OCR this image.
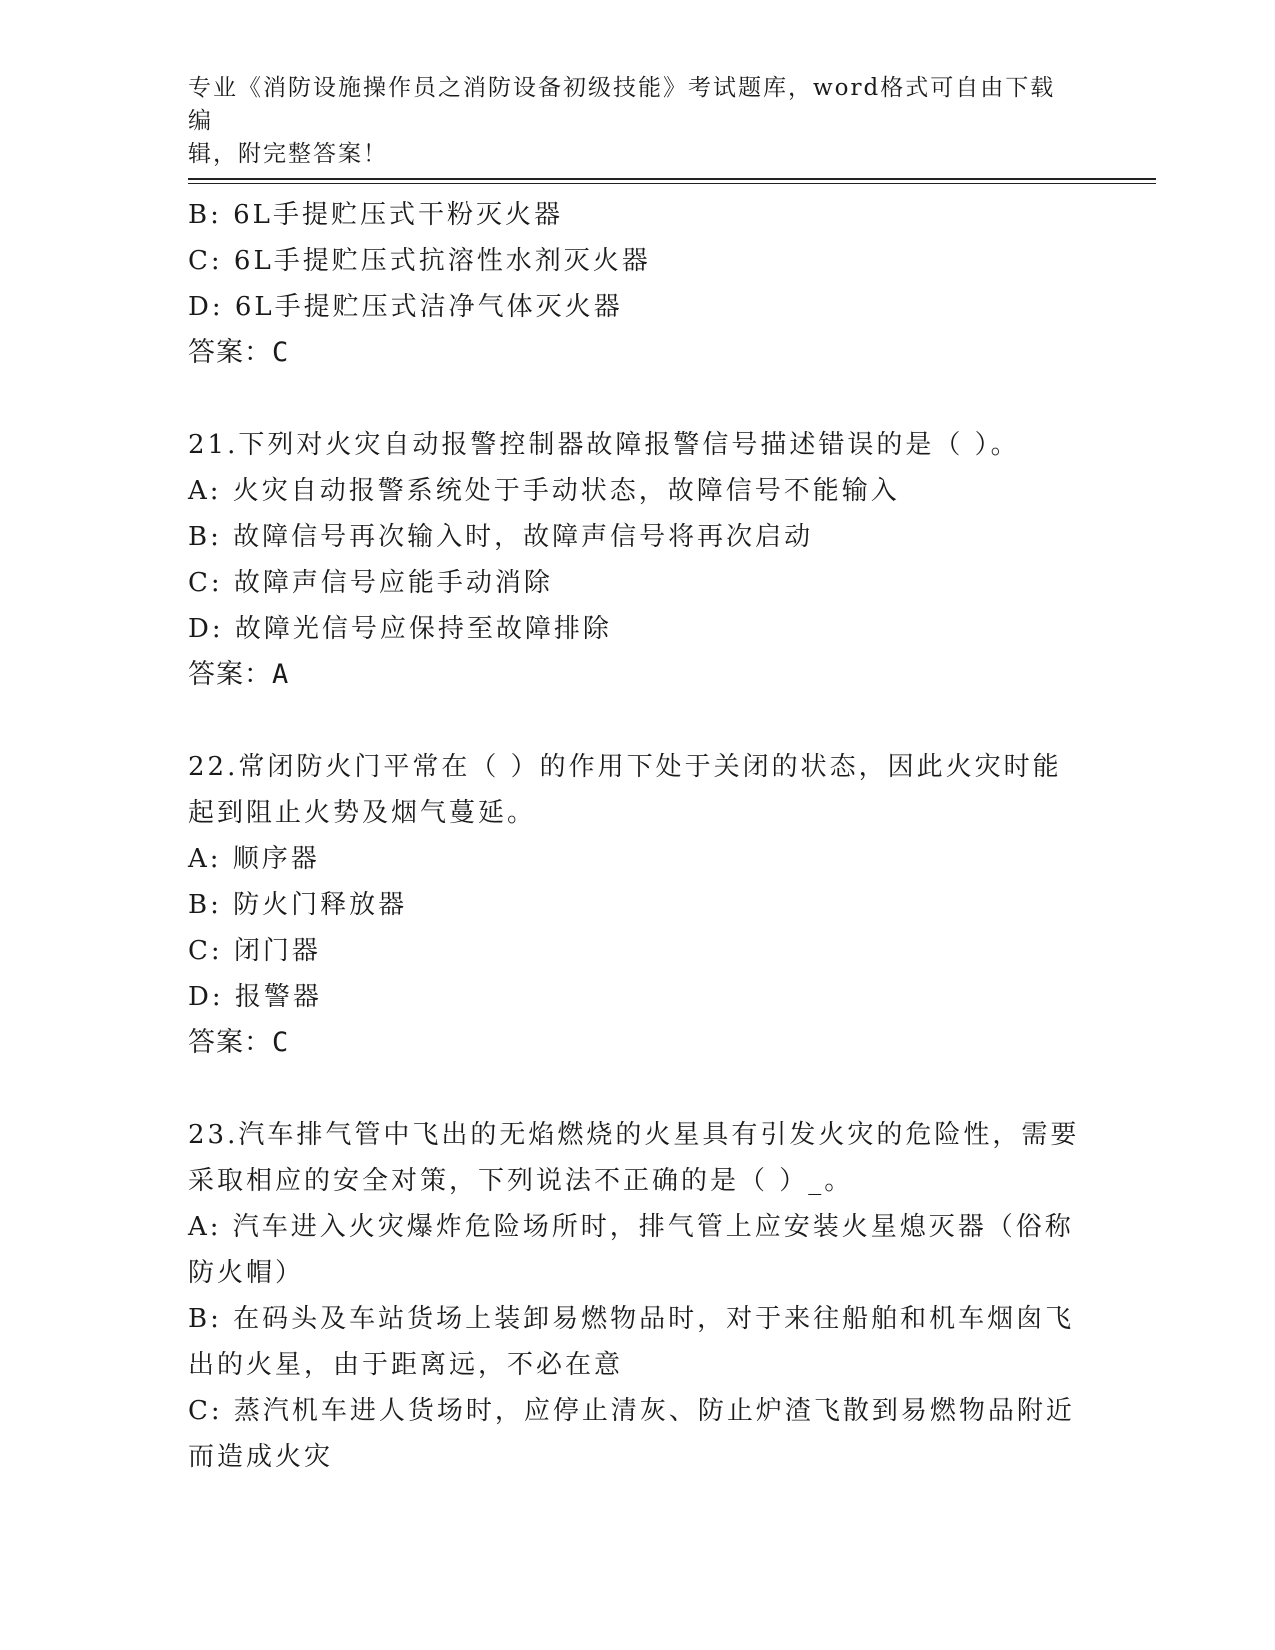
专业《消防设施操作员之消防设备初级技能》考试题库，word格式可自由下载编
辑，附完整答案！
B: 6L手提贮压式干粉灭火器
C: 6L手提贮压式抗溶性水剂灭火器
D: 6L手提贮压式洁净气体灭火器
答案：C
21.下列对火灾自动报警控制器故障报警信号描述错误的是（ ）。
A: 火灾自动报警系统处于手动状态，故障信号不能输入
B: 故障信号再次输入时，故障声信号将再次启动
C: 故障声信号应能手动消除
D: 故障光信号应保持至故障排除
答案：A
22.常闭防火门平常在（ ）的作用下处于关闭的状态，因此火灾时能
起到阻止火势及烟气蔓延。
A: 顺序器
B: 防火门释放器
C: 闭门器
D: 报警器
答案：C
23.汽车排气管中飞出的无焰燃烧的火星具有引发火灾的危险性，需要
采取相应的安全对策，下列说法不正确的是（ ）_。
A: 汽车进入火灾爆炸危险场所时，排气管上应安装火星熄灭器（俗称
防火帽）
B: 在码头及车站货场上装卸易燃物品时，对于来往船舶和机车烟囱飞
出的火星，由于距离远，不必在意
C: 蒸汽机车进人货场时，应停止清灰、防止炉渣飞散到易燃物品附近
而造成火灾
